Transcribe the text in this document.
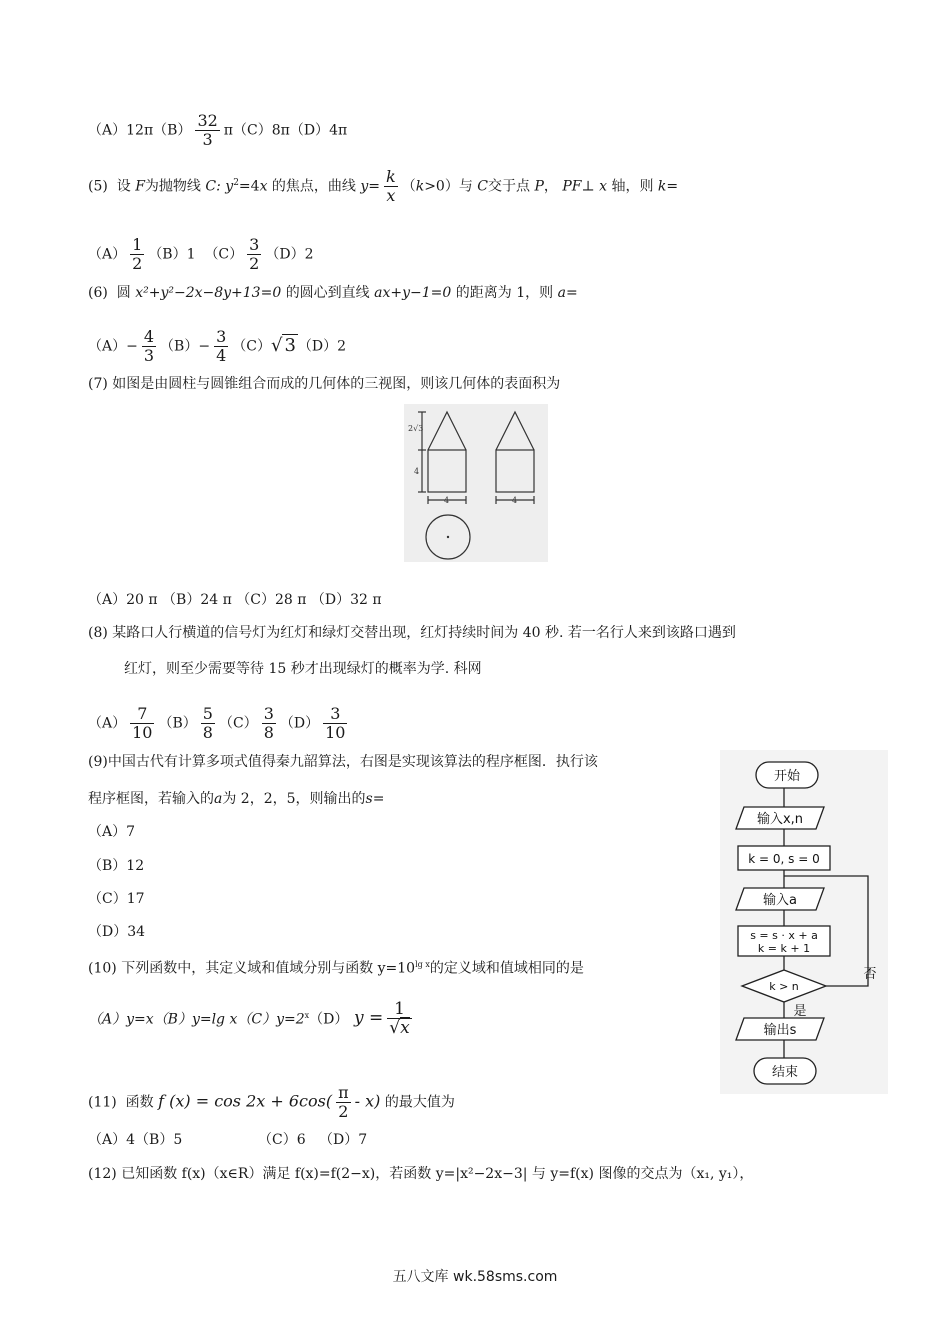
$(A)12\pi(B) \frac{32}{3} \pi(C)8\pi(D)4\pi$
(5) 设 F为抛物线 C: $y^2=4x$ 的焦点，曲线 $y= \frac{k}{x} (k>0)$与 C交于点 P， PF⊥ x 轴，则 k=
$(A) \frac{1}{2} (B)1$ $(C) \frac{3}{2} (D)2$
(6) 圆 x²+y²−2x−8y+13=0 的圆心到直线 ax+y−1=0 的距离为 1，则 a=
$(A)- \frac{4}{3} (B)- \frac{3}{4} (C)√$ 3 （D）2
(7) 如图是由圆柱与圆锥组合而成的几何体的三视图，则该几何体的表面积为
2√3
4
4	4
（A）20 π （B）24 π （C）28 π （D）32 π
(8) 某路口人行横道的信号灯为红灯和绿灯交替出现，红灯持续时间为 40 秒. 若一名行人来到该路口遇到
红灯，则至少需要等待 15 秒才出现绿灯的概率为学. 科网
$(A) \frac{7}{10} (B) \frac{5}{8} (C) \frac{3}{8} (D) \frac{3}{10}$
(9)中国古代有计算多项式值得秦九韶算法，右图是实现该算法的程序框图．执行该
程序框图，若输入的a为 2，2，5，则输出的s=
（A）7
（B）12
（C）17
（D）34
开始
输入x,n
k = 0, s = 0
输入a
s = s · x + a
k = k + 1
k > n
否
是
输出s
结束
(10) 下列函数中，其定义域和值域分别与函数 $y=10^{lg x}$的定义域和值域相同的是
（A）y=x（B）y=lg $x(C)y=2^x(D) y = \frac{1}{√x}$
(11) 函数 f $(x) = \cos 2x + 6\cos( \frac{\pi}{2} - x)$ 的最大值为
（A）4（B）5	（C）6 （D）7
(12) 已知函数 f(x)（x∈R）满足 f(x)=f(2−x)，若函数 y=|x²−2x−3| 与 y=f(x) 图像的交点为（x₁, y₁），
五八文库 wk.58sms.com
